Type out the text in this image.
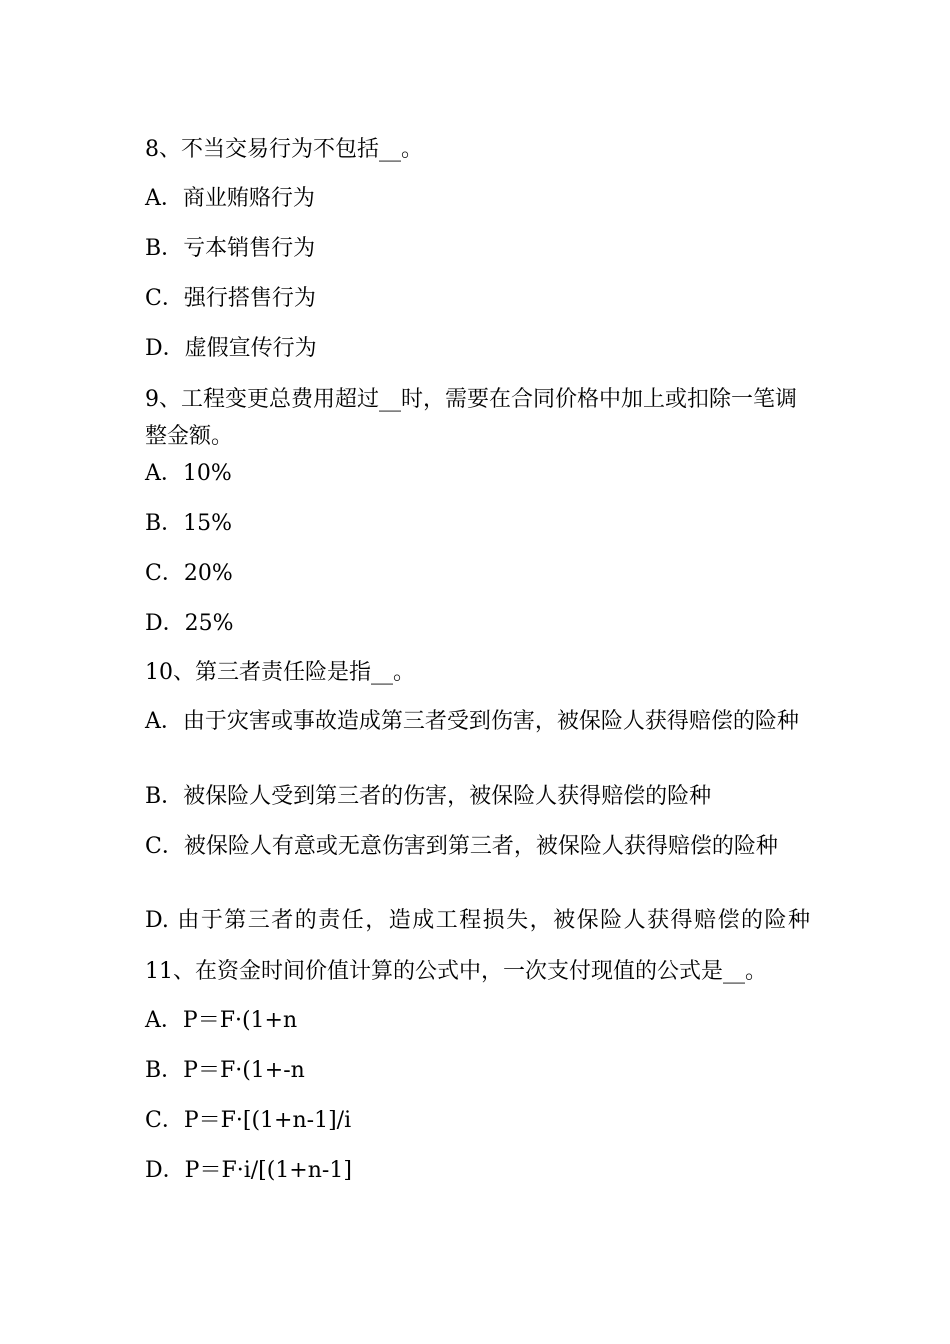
8、不当交易行为不包括__。
A．商业贿赂行为
B．亏本销售行为
C．强行搭售行为
D．虚假宣传行为
9、工程变更总费用超过__时，需要在合同价格中加上或扣除一笔调整金额。
A．10%
B．15%
C．20%
D．25%
10、第三者责任险是指__。
A．由于灾害或事故造成第三者受到伤害，被保险人获得赔偿的险种
B．被保险人受到第三者的伤害，被保险人获得赔偿的险种
C．被保险人有意或无意伤害到第三者，被保险人获得赔偿的险种
D. 由于第三者的责任，造成工程损失，被保险人获得赔偿的险种
11、在资金时间价值计算的公式中，一次支付现值的公式是__。
A．P＝F·(1+n
B．P＝F·(1+-n
C．P＝F·[(1+n-1]/i
D．P＝F·i/[(1+n-1]
